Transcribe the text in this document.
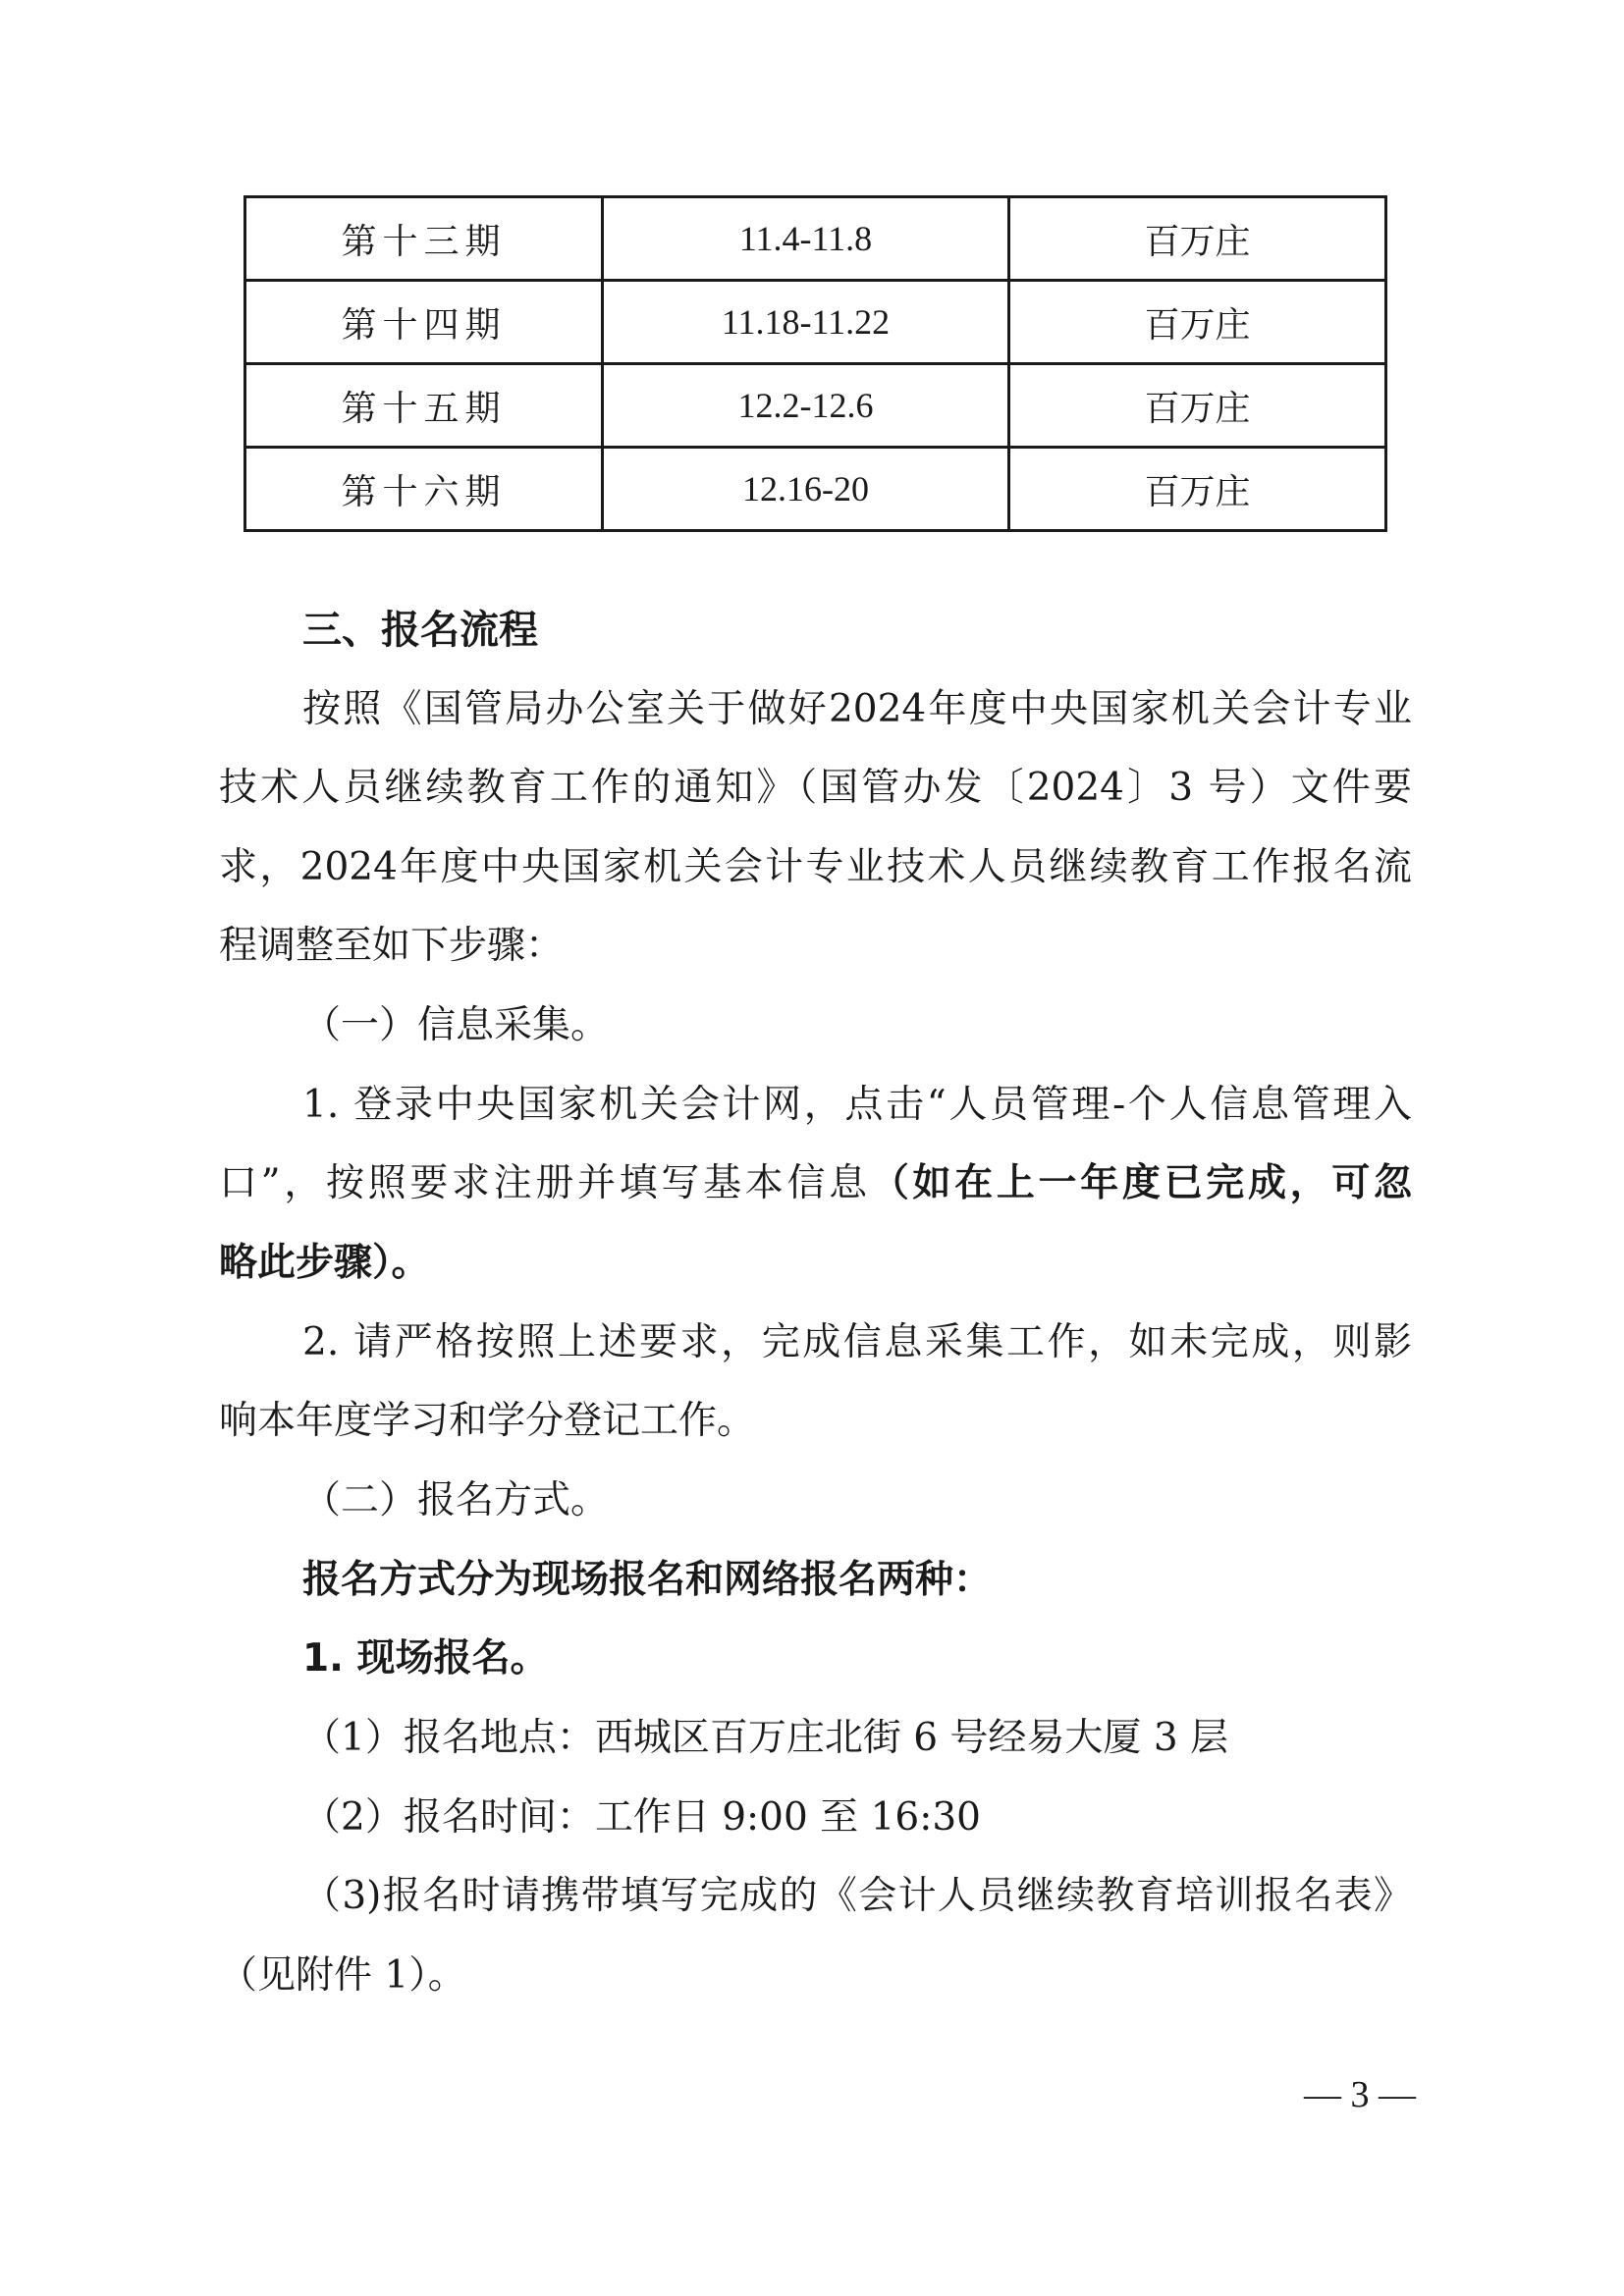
第十三期	11.4-11.8	百万庄
第十四期	11.18-11.22	百万庄
第十五期	12.2-12.6	百万庄
第十六期	12.16-20	百万庄
三、报名流程
按照《国管局办公室关于做好2024年度中央国家机关会计专业
技术人员继续教育工作的通知》（国管办发〔2024〕3 号）文件要
求，2024年度中央国家机关会计专业技术人员继续教育工作报名流
程调整至如下步骤：
（一）信息采集。
1. 登录中央国家机关会计网，点击“人员管理-个人信息管理入
口”，按照要求注册并填写基本信息（如在上一年度已完成，可忽
略此步骤）。
2. 请严格按照上述要求，完成信息采集工作，如未完成，则影
响本年度学习和学分登记工作。
（二）报名方式。
报名方式分为现场报名和网络报名两种：
1. 现场报名。
（1）报名地点：西城区百万庄北街 6 号经易大厦 3 层
（2）报名时间：工作日 9:00 至 16:30
（3)报名时请携带填写完成的《会计人员继续教育培训报名表》
（见附件 1）。
— 3 —
